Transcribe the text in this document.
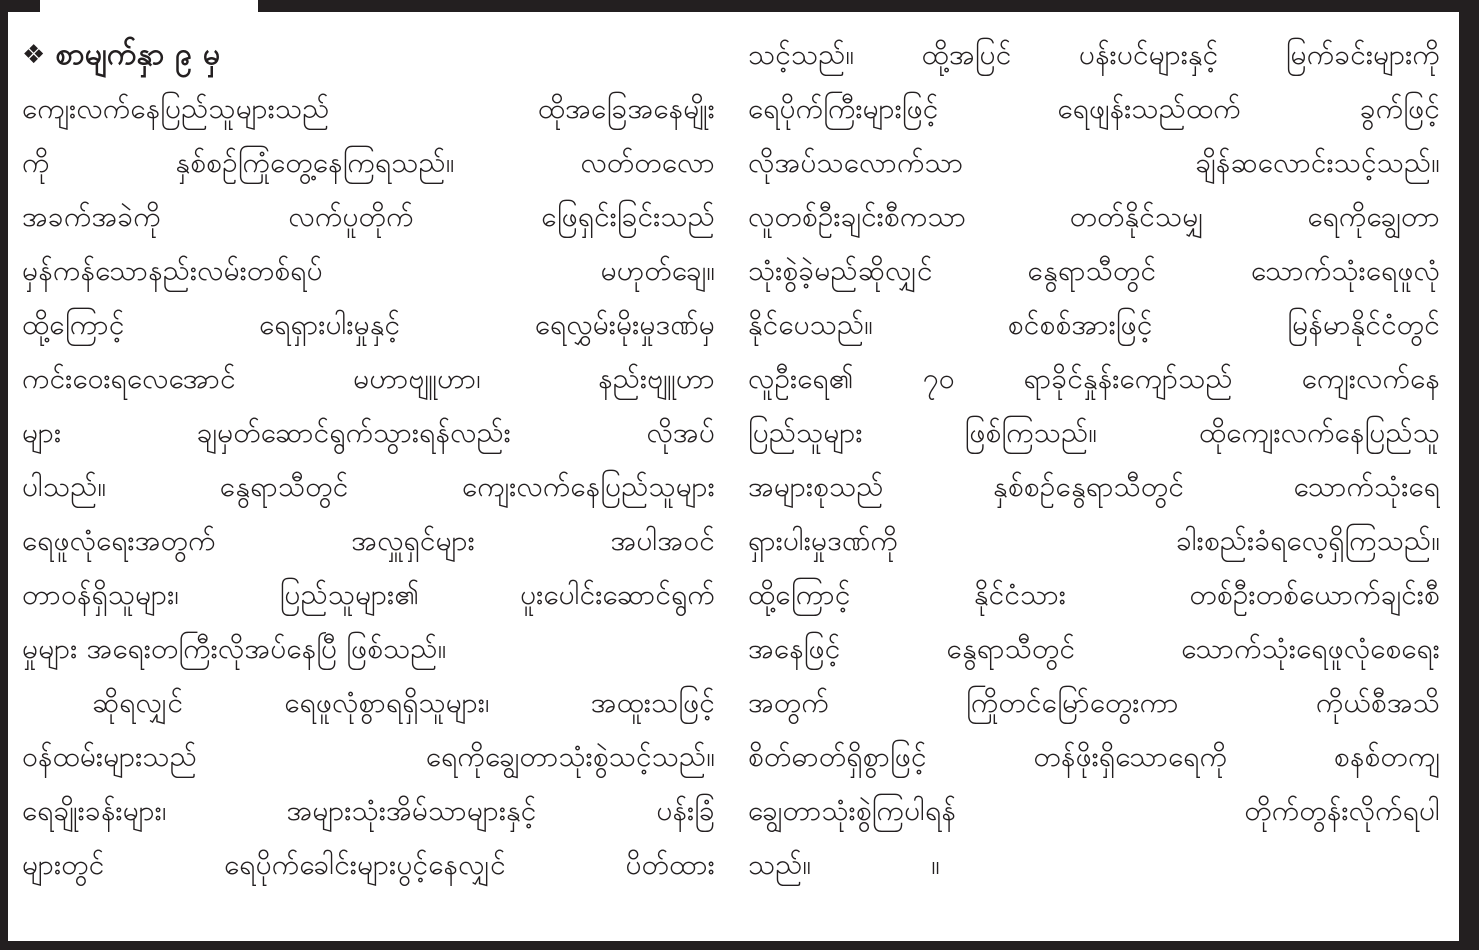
❖ စာမျက်နှာ ၉ မှ
ကျေးလက်နေပြည်သူများသည် ထိုအခြေအနေမျိုး
ကို နှစ်စဉ်ကြုံတွေ့နေကြရသည်။ လတ်တလော
အခက်အခဲကို လက်ပူတိုက် ဖြေရှင်းခြင်းသည်
မှန်ကန်သောနည်းလမ်းတစ်ရပ် မဟုတ်ချေ။
ထို့ကြောင့် ရေရှားပါးမှုနှင့် ရေလွှမ်းမိုးမှုဒဏ်မှ
ကင်းဝေးရလေအောင် မဟာဗျူဟာ၊ နည်းဗျူဟာ
များ ချမှတ်ဆောင်ရွက်သွားရန်လည်း လိုအပ်
ပါသည်။ နွေရာသီတွင် ကျေးလက်နေပြည်သူများ
ရေဖူလုံရေးအတွက် အလှူရှင်များ အပါအဝင်
တာဝန်ရှိသူများ၊ ပြည်သူများ၏ ပူးပေါင်းဆောင်ရွက်
မှုများ အရေးတကြီးလိုအပ်နေပြီ ဖြစ်သည်။
ဆိုရလျှင် ရေဖူလုံစွာရရှိသူများ၊ အထူးသဖြင့်
ဝန်ထမ်းများသည် ရေကိုချွေတာသုံးစွဲသင့်သည်။
ရေချိုးခန်းများ၊ အများသုံးအိမ်သာများနှင့် ပန်းခြံ
များတွင် ရေပိုက်ခေါင်းများပွင့်နေလျှင် ပိတ်ထား
သင့်သည်။ ထို့အပြင် ပန်းပင်များနှင့် မြက်ခင်းများကို
ရေပိုက်ကြီးများဖြင့် ရေဖျန်းသည်ထက် ခွက်ဖြင့်
လိုအပ်သလောက်သာ ချိန်ဆလောင်းသင့်သည်။
လူတစ်ဦးချင်းစီကသာ တတ်နိုင်သမျှ ရေကိုချွေတာ
သုံးစွဲခဲ့မည်ဆိုလျှင် နွေရာသီတွင် သောက်သုံးရေဖူလုံ
နိုင်ပေသည်။ စင်စစ်အားဖြင့် မြန်မာနိုင်ငံတွင်
လူဦးရေ၏ ၇၀ ရာခိုင်နှုန်းကျော်သည် ကျေးလက်နေ
ပြည်သူများ ဖြစ်ကြသည်။ ထိုကျေးလက်နေပြည်သူ
အများစုသည် နှစ်စဉ်နွေရာသီတွင် သောက်သုံးရေ
ရှားပါးမှုဒဏ်ကို ခါးစည်းခံရလေ့ရှိကြသည်။
ထို့ကြောင့် နိုင်ငံသား တစ်ဦးတစ်ယောက်ချင်းစီ
အနေဖြင့် နွေရာသီတွင် သောက်သုံးရေဖူလုံစေရေး
အတွက် ကြိုတင်မြော်တွေးကာ ကိုယ်စီအသိ
စိတ်ဓာတ်ရှိစွာဖြင့် တန်ဖိုးရှိသောရေကို စနစ်တကျ
ချွေတာသုံးစွဲကြပါရန် တိုက်တွန်းလိုက်ရပါ
သည်။	။
